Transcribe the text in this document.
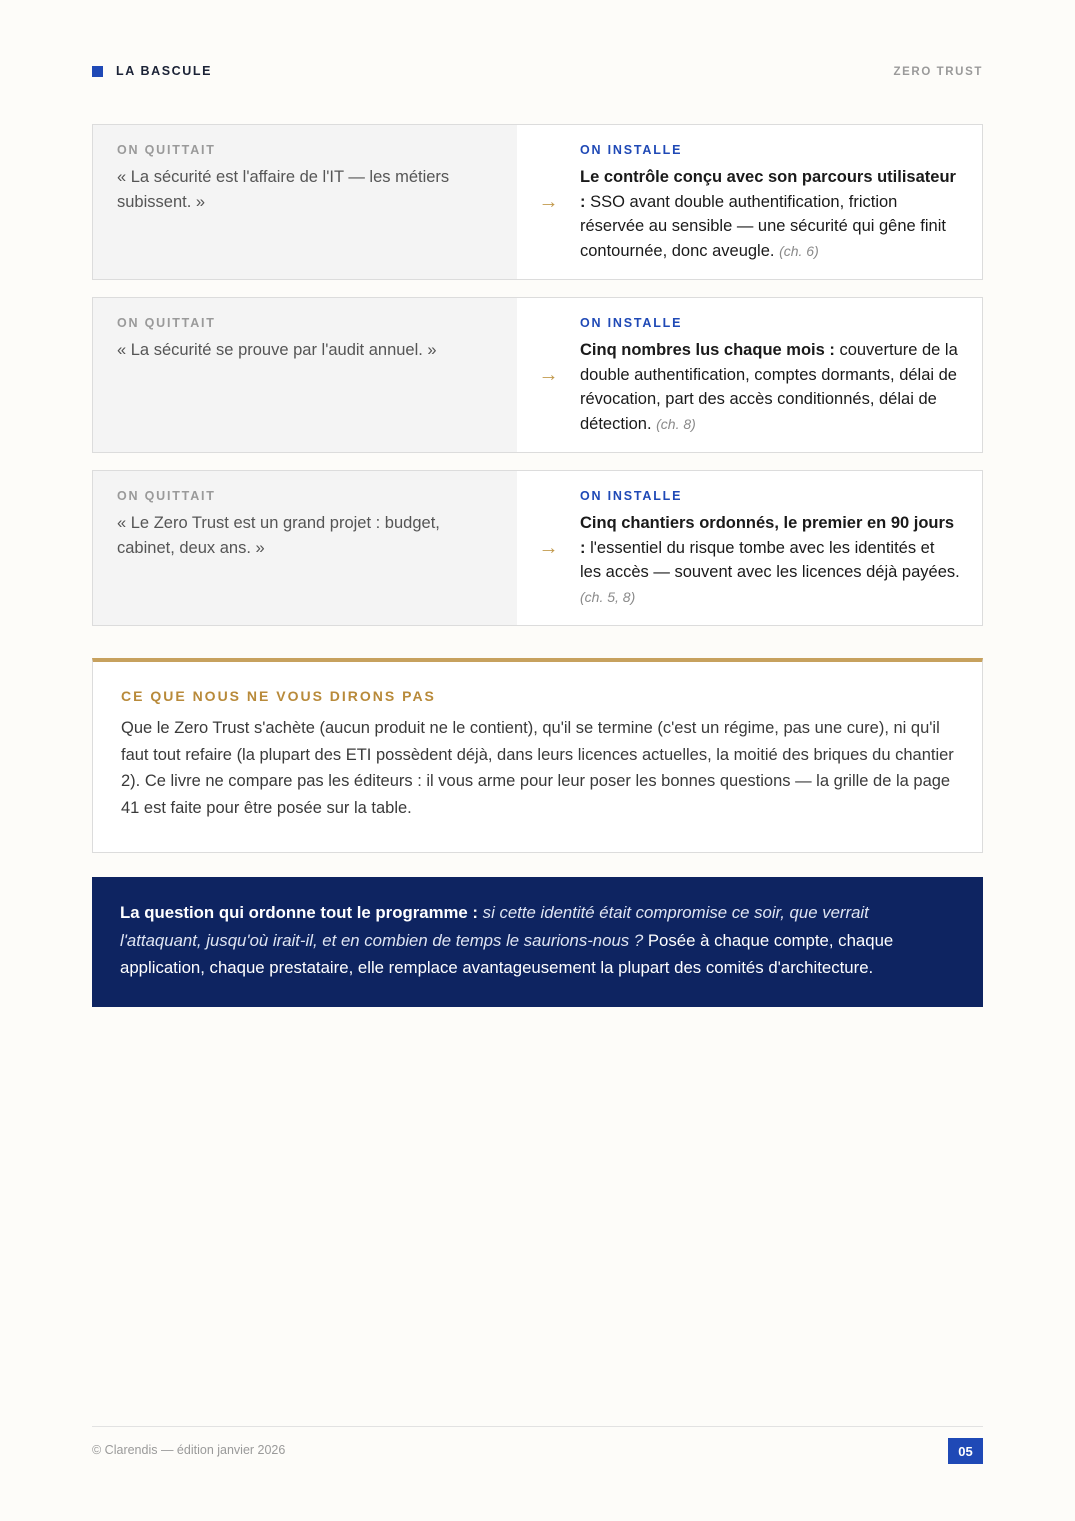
LA BASCULE	ZERO TRUST
ON QUITTAIT
« La sécurité est l'affaire de l'IT — les métiers subissent. »	→
ON INSTALLE
Le contrôle conçu avec son parcours utilisateur : SSO avant double authentification, friction réservée au sensible — une sécurité qui gêne finit contournée, donc aveugle. (ch. 6)
ON QUITTAIT
« La sécurité se prouve par l'audit annuel. »
→
ON INSTALLE
Cinq nombres lus chaque mois : couverture de la double authentification, comptes dormants, délai de révocation, part des accès conditionnés, délai de détection. (ch. 8)
ON QUITTAIT
« Le Zero Trust est un grand projet : budget, cabinet, deux ans. »	→
ON INSTALLE
Cinq chantiers ordonnés, le premier en 90 jours : l'essentiel du risque tombe avec les identités et les accès — souvent avec les licences déjà payées. (ch. 5, 8)
CE QUE NOUS NE VOUS DIRONS PAS
Que le Zero Trust s'achète (aucun produit ne le contient), qu'il se termine (c'est un régime, pas une cure), ni qu'il faut tout refaire (la plupart des ETI possèdent déjà, dans leurs licences actuelles, la moitié des briques du chantier 2). Ce livre ne compare pas les éditeurs : il vous arme pour leur poser les bonnes questions — la grille de la page 41 est faite pour être posée sur la table.
La question qui ordonne tout le programme : si cette identité était compromise ce soir, que verrait l'attaquant, jusqu'où irait-il, et en combien de temps le saurions-nous ? Posée à chaque compte, chaque application, chaque prestataire, elle remplace avantageusement la plupart des comités d'architecture.
© Clarendis — édition janvier 2026	05
